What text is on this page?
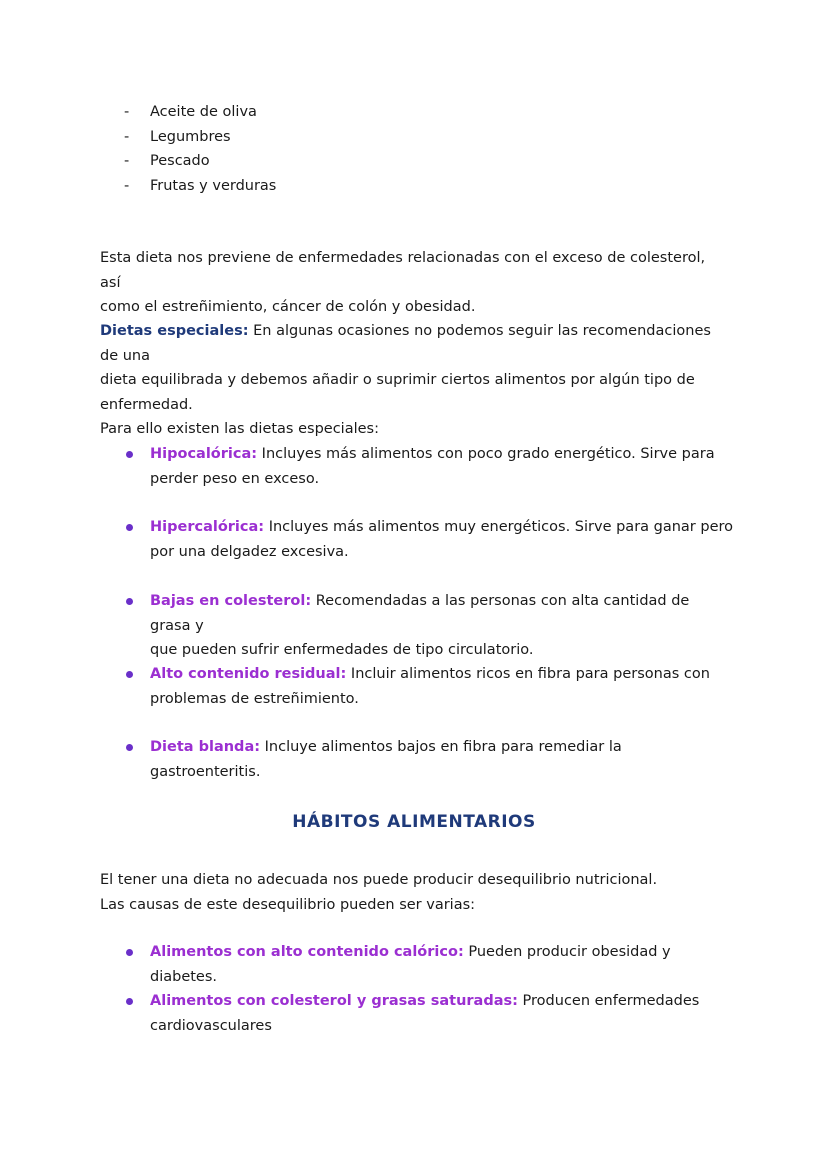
- Aceite de oliva
- Legumbres
- Pescado
- Frutas y verduras

Esta dieta nos previene de enfermedades relacionadas con el exceso de colesterol, así
como el estreñimiento, cáncer de colón y obesidad.

Dietas especiales: En algunas ocasiones no podemos seguir las recomendaciones de una
dieta equilibrada y debemos añadir o suprimir ciertos alimentos por algún tipo de
enfermedad.
Para ello existen las dietas especiales:

Hipocalórica: Incluyes más alimentos con poco grado energético. Sirve para
perder peso en exceso.
Hipercalórica: Incluyes más alimentos muy energéticos. Sirve para ganar pero
por una delgadez excesiva.
Bajas en colesterol: Recomendadas a las personas con alta cantidad de grasa y
que pueden sufrir enfermedades de tipo circulatorio.
Alto contenido residual: Incluir alimentos ricos en fibra para personas con
problemas de estreñimiento.
Dieta blanda: Incluye alimentos bajos en fibra para remediar la gastroenteritis.
HÁBITOS ALIMENTARIOS

El tener una dieta no adecuada nos puede producir desequilibrio nutricional.
Las causas de este desequilibrio pueden ser varias:

Alimentos con alto contenido calórico: Pueden producir obesidad y diabetes.
Alimentos con colesterol y grasas saturadas: Producen enfermedades
cardiovasculares
